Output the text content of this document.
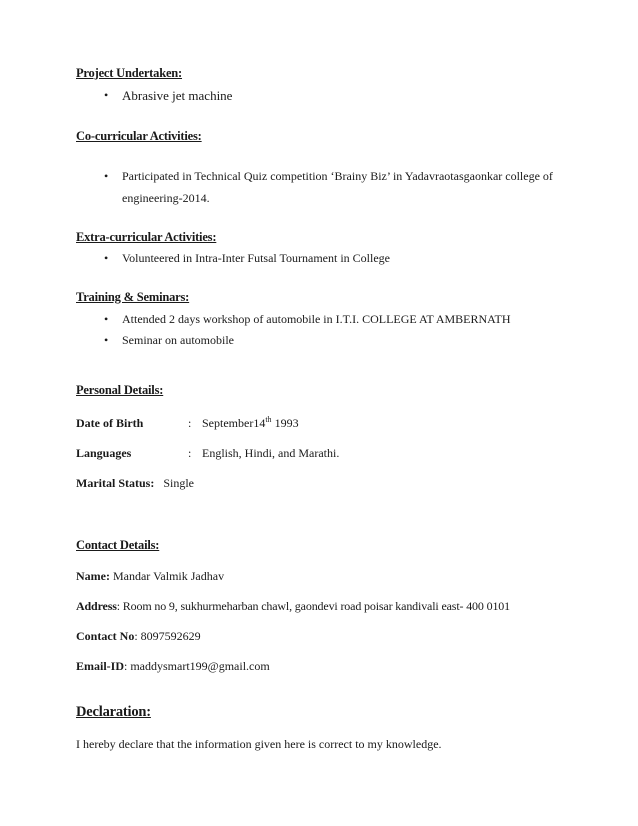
Project Undertaken:
• Abrasive jet machine
Co-curricular Activities:
• Participated in Technical Quiz competition ‘Brainy Biz’ in Yadavraotasgaonkar college of engineering-2014.
Extra-curricular Activities:
• Volunteered in Intra-Inter Futsal Tournament in College
Training & Seminars:
• Attended 2 days workshop of automobile in I.T.I. COLLEGE AT AMBERNATH
• Seminar on automobile
Personal Details:
Date of Birth	: September14th 1993
Languages	: English, Hindi, and Marathi.
Marital Status: Single
Contact Details:
Name: Mandar Valmik Jadhav
Address: Room no 9, sukhurmeharban chawl, gaondevi road poisar kandivali east- 400 0101
Contact No: 8097592629
Email-ID: maddysmart199@gmail.com
Declaration:
I hereby declare that the information given here is correct to my knowledge.
